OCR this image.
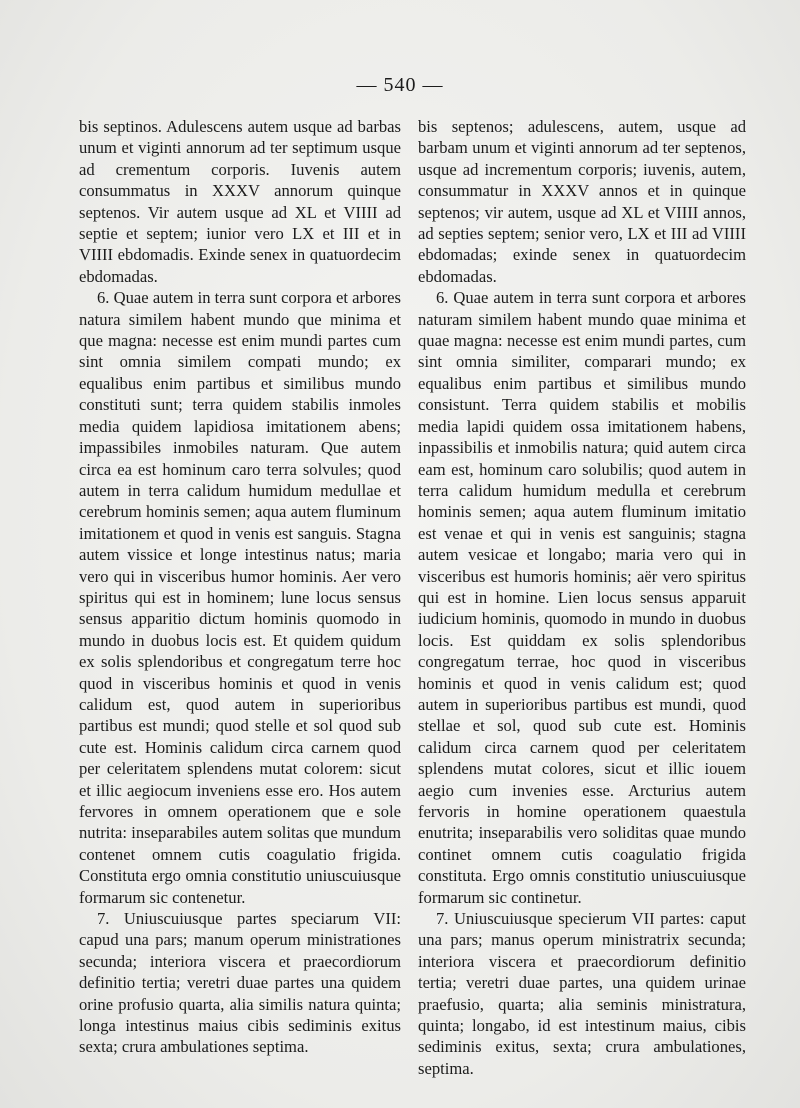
— 540 —

bis septinos. Adulescens autem usque ad barbas unum et viginti annorum ad ter septimum usque ad crementum corporis. Iuvenis autem consummatus in XXXV annorum quinque septenos. Vir autem usque ad XL et VIIII ad septie et septem; iunior vero LX et III et in VIIII ebdomadis. Exinde senex in quatuordecim ebdomadas.

6. Quae autem in terra sunt corpora et arbores natura similem habent mundo que minima et que magna: necesse est enim mundi partes cum sint omnia similem compati mundo; ex equalibus enim partibus et similibus mundo constituti sunt; terra quidem stabilis inmoles media quidem lapidiosa imitationem abens; impassibiles inmobiles naturam. Que autem circa ea est hominum caro terra solvules; quod autem in terra calidum humidum medullae et cerebrum hominis semen; aqua autem fluminum imitationem et quod in venis est sanguis. Stagna autem vissice et longe intestinus natus; maria vero qui in visceribus humor hominis. Aer vero spiritus qui est in hominem; lune locus sensus sensus apparitio dictum hominis quomodo in mundo in duobus locis est. Et quidem quidum ex solis splendoribus et congregatum terre hoc quod in visceribus hominis et quod in venis calidum est, quod autem in superioribus partibus est mundi; quod stelle et sol quod sub cute est. Hominis calidum circa carnem quod per celeritatem splendens mutat colorem: sicut et illic aegiocum inveniens esse ero. Hos autem fervores in omnem operationem que e sole nutrita: inseparabiles autem solitas que mundum contenet omnem cutis coagulatio frigida. Constituta ergo omnia constitutio uniuscuiusque formarum sic contenetur.

7. Uniuscuiusque partes speciarum VII: capud una pars; manum operum ministrationes secunda; interiora viscera et praecordiorum definitio tertia; veretri duae partes una quidem orine profusio quarta, alia similis natura quinta; longa intestinus maius cibis sediminis exitus sexta; crura ambulationes septima.

bis septenos; adulescens, autem, usque ad barbam unum et viginti annorum ad ter septenos, usque ad incrementum corporis; iuvenis, autem, consummatur in XXXV annos et in quinque septenos; vir autem, usque ad XL et VIIII annos, ad septies septem; senior vero, LX et III ad VIIII ebdomadas; exinde senex in quatuordecim ebdomadas.

6. Quae autem in terra sunt corpora et arbores naturam similem habent mundo quae minima et quae magna: necesse est enim mundi partes, cum sint omnia similiter, comparari mundo; ex equalibus enim partibus et similibus mundo consistunt. Terra quidem stabilis et mobilis media lapidi quidem ossa imitationem habens, inpassibilis et inmobilis natura; quid autem circa eam est, hominum caro solubilis; quod autem in terra calidum humidum medulla et cerebrum hominis semen; aqua autem fluminum imitatio est venae et qui in venis est sanguinis; stagna autem vesicae et longabo; maria vero qui in visceribus est humoris hominis; aër vero spiritus qui est in homine. Lien locus sensus apparuit iudicium hominis, quomodo in mundo in duobus locis. Est quiddam ex solis splendoribus congregatum terrae, hoc quod in visceribus hominis et quod in venis calidum est; quod autem in superioribus partibus est mundi, quod stellae et sol, quod sub cute est. Hominis calidum circa carnem quod per celeritatem splendens mutat colores, sicut et illic iouem aegio cum invenies esse. Arcturius autem fervoris in homine operationem quaestula enutrita; inseparabilis vero soliditas quae mundo continet omnem cutis coagulatio frigida constituta. Ergo omnis constitutio uniuscuiusque formarum sic continetur.

7. Uniuscuiusque specierum VII partes: caput una pars; manus operum ministratrix secunda; interiora viscera et praecordiorum definitio tertia; veretri duae partes, una quidem urinae praefusio, quarta; alia seminis ministratura, quinta; longabo, id est intestinum maius, cibis sediminis exitus, sexta; crura ambulationes, septima.
